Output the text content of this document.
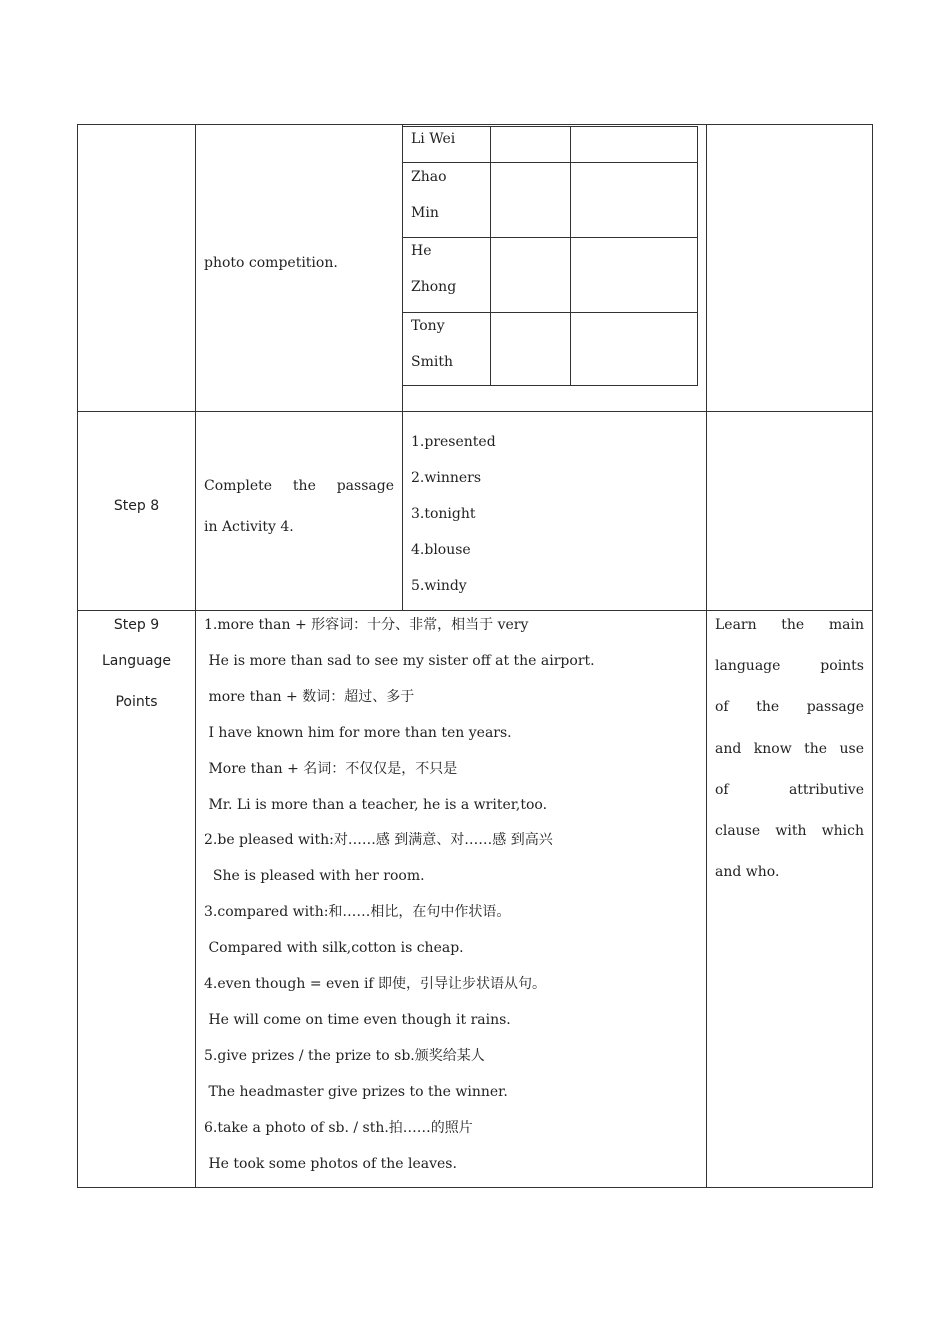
photo competition.
Li Wei
Zhao
Min
He
Zhong
Tony
Smith
Step 8
Complete the passage
in Activity 4.
1.presented
2.winners
3.tonight
4.blouse
5.windy
Step 9
Language
Points
1.more than + 形容词：十分、非常，相当于 very
He is more than sad to see my sister off at the airport.
more than + 数词：超过、多于
I have known him for more than ten years.
More than + 名词：不仅仅是，不只是
Mr. Li is more than a teacher, he is a writer,too.
2.be pleased with:对……感 到满意、对……感 到高兴
She is pleased with her room.
3.compared with:和……相比，在句中作状语。
Compared with silk,cotton is cheap.
4.even though = even if 即使，引导让步状语从句。
He will come on time even though it rains.
5.give prizes / the prize to sb.颁奖给某人
The headmaster give prizes to the winner.
6.take a photo of sb. / sth.拍……的照片
He took some photos of the leaves.
Learn the main
language points
of the passage
and know the use
of attributive
clause with which
and who.
